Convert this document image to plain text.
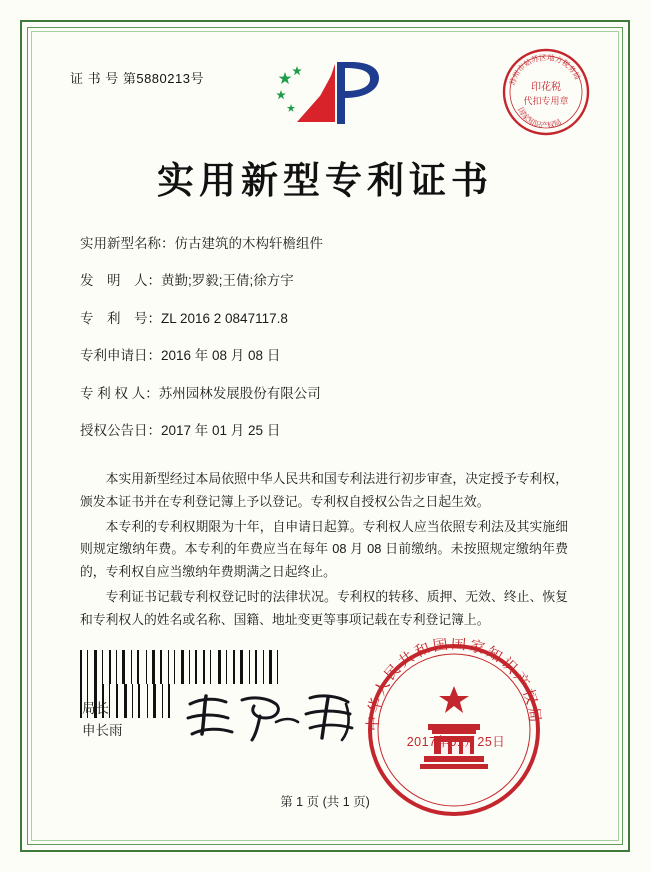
证 书 号 第5880213号
印花税
代扣专用章
苏州市姑苏区地方税务局
国家知识产权局
实用新型专利证书
实用新型名称：仿古建筑的木构轩檐组件
发　明　人：黄勤;罗毅;王倩;徐方宇
专　利　号：ZL 2016 2 0847117.8
专利申请日：2016 年 08 月 08 日
专 利 权 人：苏州园林发展股份有限公司
授权公告日：2017 年 01 月 25 日

本实用新型经过本局依照中华人民共和国专利法进行初步审查，决定授予专利权，颁发本证书并在专利登记簿上予以登记。专利权自授权公告之日起生效。

本专利的专利权期限为十年，自申请日起算。专利权人应当依照专利法及其实施细则规定缴纳年费。本专利的年费应当在每年 08 月 08 日前缴纳。未按照规定缴纳年费的，专利权自应当缴纳年费期满之日起终止。

专利证书记载专利权登记时的法律状况。专利权的转移、质押、无效、终止、恢复和专利权人的姓名或名称、国籍、地址变更等事项记载在专利登记簿上。

局长
申长雨	中华人民共和国国家知识产权局
2017年01月25日
第 1 页 (共 1 页)
